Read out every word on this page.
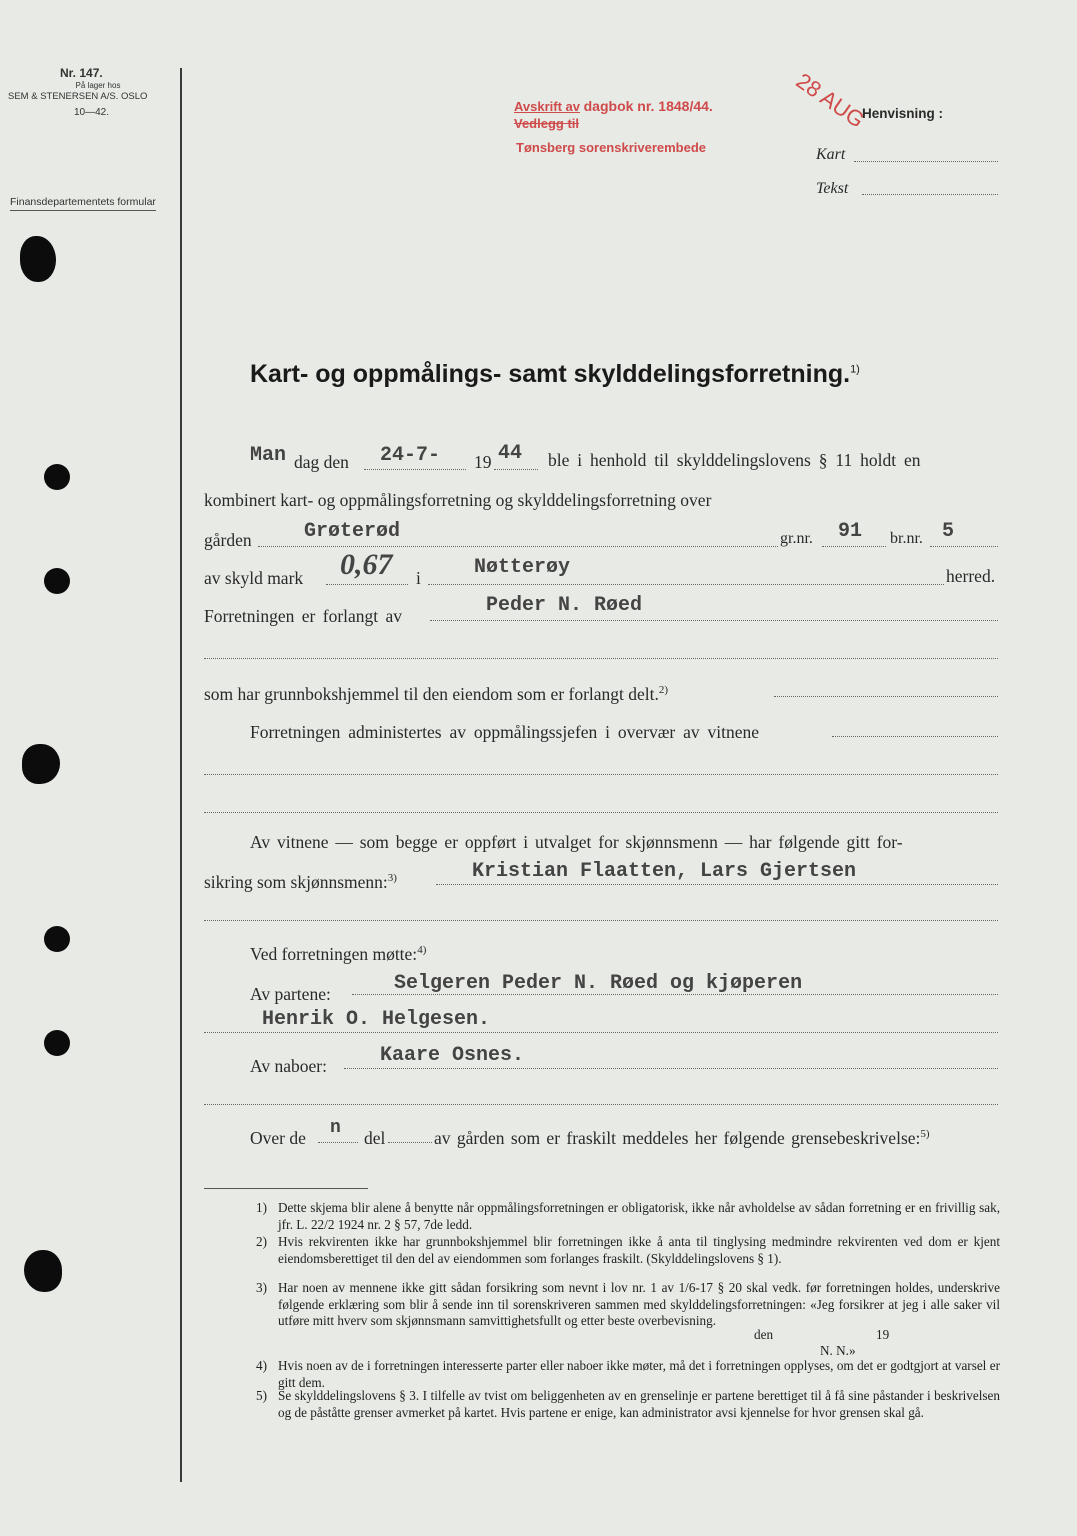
Nr. 147.
På lager hos
SEM & STENERSEN A/S. OSLO
10—42.
Finansdepartementets formular
Avskrift av dagbok nr. 1848/44.
Vedlegg til
Tønsberg sorenskriverembede
28 AUG
Henvisning :
Kart
Tekst
Kart- og oppmålings- samt skylddelingsforretning.$^{1)}$
Man dag den 24-7- 19 44 ble i henhold til skylddelingslovens § 11 holdt en
kombinert kart- og oppmålingsforretning og skylddelingsforretning over
gården	Grøterød	gr.nr. 91 br.nr. 5
av skyld mark 0,67 i	Nøtterøy	herred.
Forretningen er forlangt av	Peder N. Røed
som har grunnbokshjemmel til den eiendom som er forlangt delt.$^{2)}$
Forretningen administertes av oppmålingssjefen i overvær av vitnene
Av vitnene — som begge er oppført i utvalget for skjønnsmenn — har følgende gitt for-
sikring som skjønnsmenn:$^{3)}$	Kristian Flaatten, Lars Gjertsen
Ved forretningen møtte:$^{4)}$
Av partene:	Selgeren Peder N. Røed og kjøperen
Henrik O. Helgesen.
Av naboer:	Kaare Osnes.
Over de n del	av gården som er fraskilt meddeles her følgende grensebeskrivelse:$^{5)}$
1) Dette skjema blir alene å benytte når oppmålingsforretningen er obligatorisk, ikke når avholdelse av sådan forretning er en frivillig sak, jfr. L. 22/2 1924 nr. 2 § 57, 7de ledd.
2) Hvis rekvirenten ikke har grunnbokshjemmel blir forretningen ikke å anta til tinglysing medmindre rekvirenten ved dom er kjent eiendomsberettiget til den del av eiendommen som forlanges fraskilt. (Skylddelingslovens § 1).
3) Har noen av mennene ikke gitt sådan forsikring som nevnt i lov nr. 1 av 1/6-17 § 20 skal vedk. før forretningen holdes, underskrive følgende erklæring som blir å sende inn til sorenskriveren sammen med skylddelingsforretningen: «Jeg forsikrer at jeg i alle saker vil utføre mitt hverv som skjønnsmann samvittighetsfullt og etter beste overbevisning.
den	19
N. N.»
4) Hvis noen av de i forretningen interesserte parter eller naboer ikke møter, må det i forretningen opplyses, om det er godtgjort at varsel er gitt dem.
5) Se skylddelingslovens § 3. I tilfelle av tvist om beliggenheten av en grenselinje er partene berettiget til å få sine påstander i beskrivelsen og de påståtte grenser avmerket på kartet. Hvis partene er enige, kan administrator avsi kjennelse for hvor grensen skal gå.
